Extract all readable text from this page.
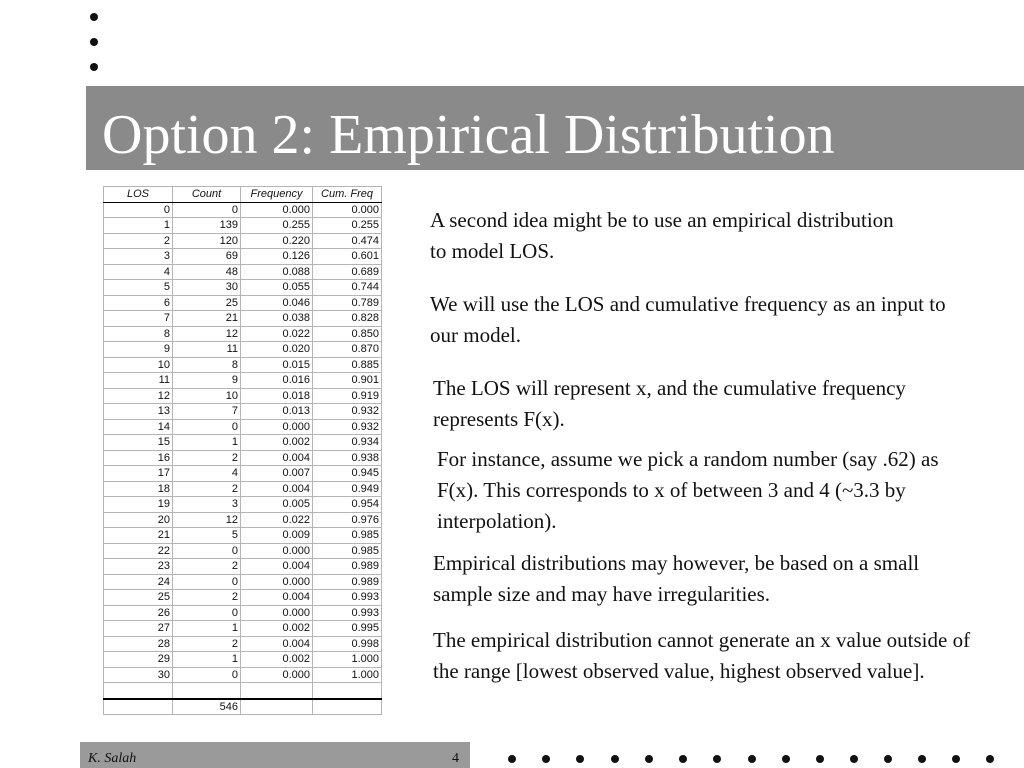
Option 2: Empirical Distribution
LOS	Count	Frequency	Cum. Freq
0	0	0.000	0.000
1	139	0.255	0.255
2	120	0.220	0.474
3	69	0.126	0.601
4	48	0.088	0.689
5	30	0.055	0.744
6	25	0.046	0.789
7	21	0.038	0.828
8	12	0.022	0.850
9	11	0.020	0.870
10	8	0.015	0.885
11	9	0.016	0.901
12	10	0.018	0.919
13	7	0.013	0.932
14	0	0.000	0.932
15	1	0.002	0.934
16	2	0.004	0.938
17	4	0.007	0.945
18	2	0.004	0.949
19	3	0.005	0.954
20	12	0.022	0.976
21	5	0.009	0.985
22	0	0.000	0.985
23	2	0.004	0.989
24	0	0.000	0.989
25	2	0.004	0.993
26	0	0.000	0.993
27	1	0.002	0.995
28	2	0.004	0.998
29	1	0.002	1.000
30	0	0.000	1.000

	546		
A second idea might be to use an empirical distribution to model LOS.
We will use the LOS and cumulative frequency as an input to our model.
The LOS will represent x, and the cumulative frequency represents F(x).
For instance, assume we pick a random number (say .62) as F(x). This corresponds to x of between 3 and 4 (~3.3 by interpolation).
Empirical distributions may however, be based on a small sample size and may have irregularities.
The empirical distribution cannot generate an x value outside of the range [lowest observed value, highest observed value].
K. Salah	4
